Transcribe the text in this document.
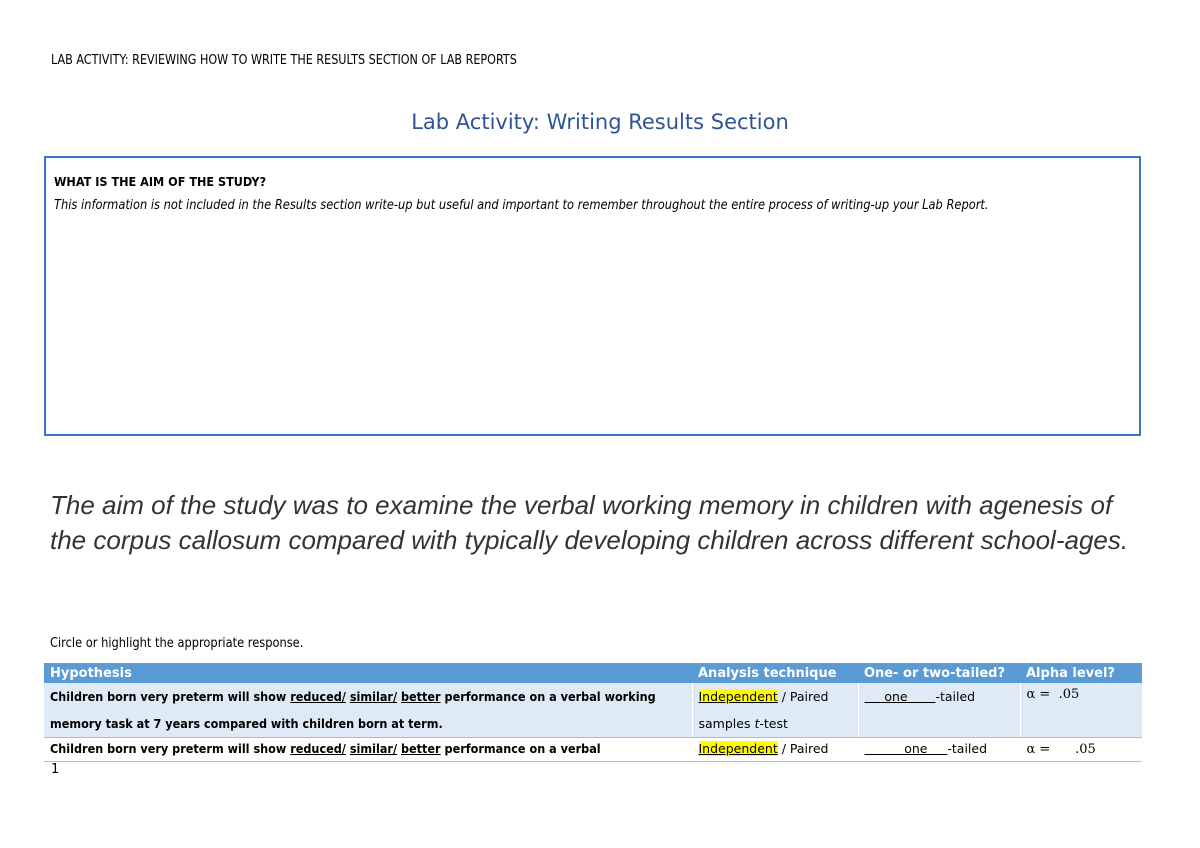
LAB ACTIVITY: REVIEWING HOW TO WRITE THE RESULTS SECTION OF LAB REPORTS
Lab Activity: Writing Results Section
WHAT IS THE AIM OF THE STUDY?
This information is not included in the Results section write-up but useful and important to remember throughout the entire process of writing-up your Lab Report.
The aim of the study was to examine the verbal working memory in children with agenesis of the corpus callosum compared with typically developing children across different school-ages.
Circle or highlight the appropriate response.
Hypothesis	Analysis technique	One- or two-tailed?	Alpha level?
Children born very preterm will show reduced/ similar/ better performance on a verbal working memory task at 7 years compared with children born at term.	Independent / Paired samples t-test	one       -tailed	α =  .05
Children born very preterm will show reduced/ similar/ better performance on a verbal	Independent / Paired	one     -tailed	α =      .05
1
